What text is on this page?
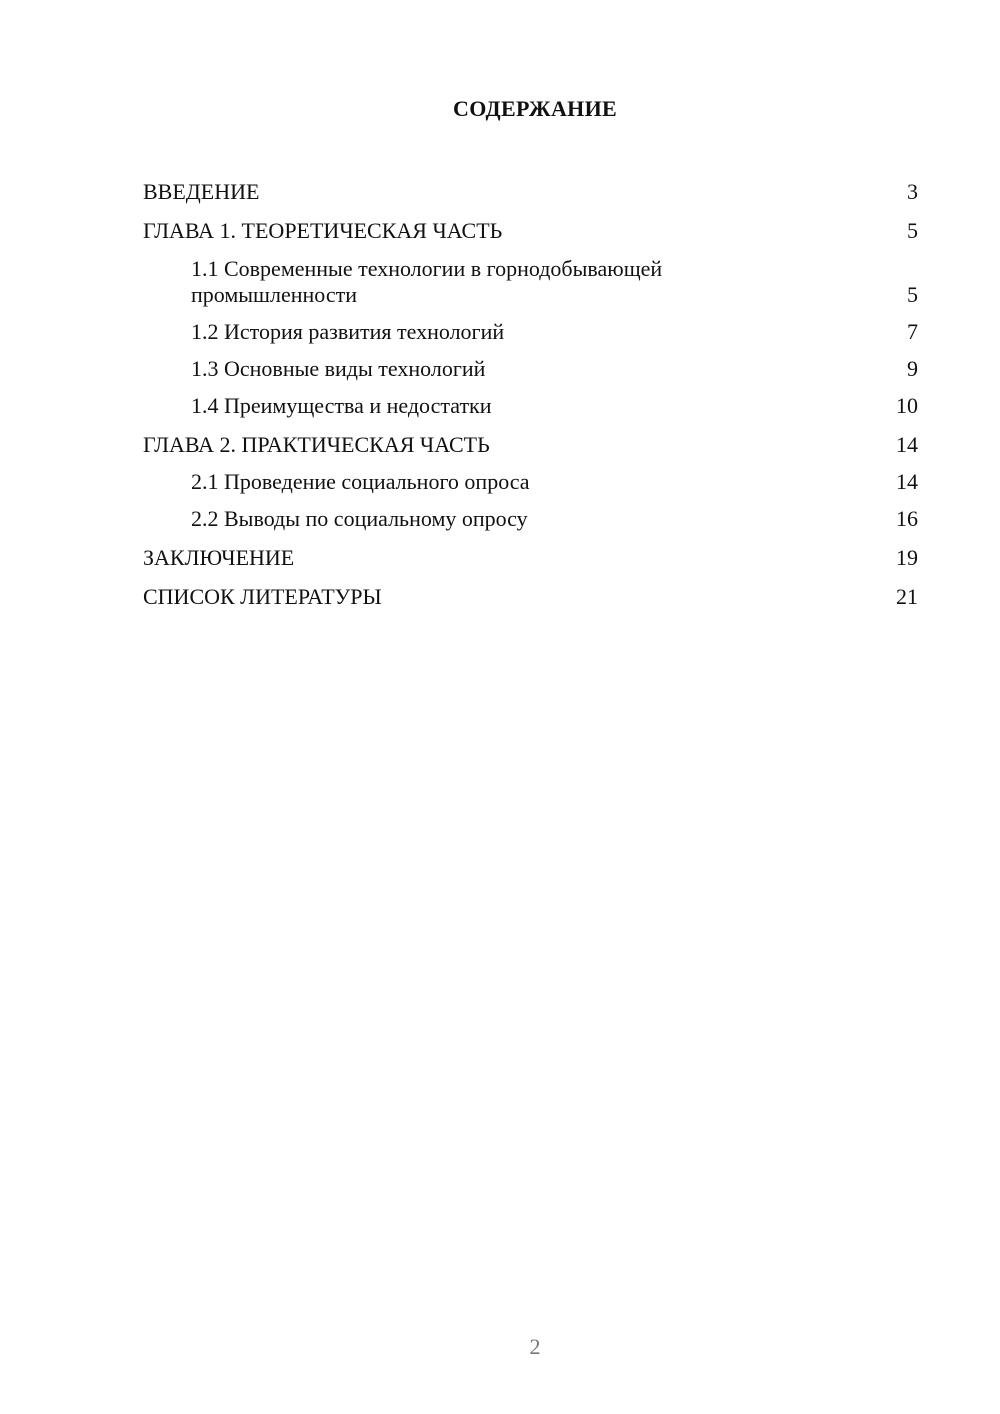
СОДЕРЖАНИЕ
ВВЕДЕНИЕ	3
ГЛАВА 1. ТЕОРЕТИЧЕСКАЯ ЧАСТЬ	5
1.1 Современные технологии в горнодобывающей промышленности	5
1.2 История развития технологий	7
1.3 Основные виды технологий	9
1.4 Преимущества и недостатки	10
ГЛАВА 2. ПРАКТИЧЕСКАЯ ЧАСТЬ	14
2.1 Проведение социального опроса	14
2.2 Выводы по социальному опросу	16
ЗАКЛЮЧЕНИЕ	19
СПИСОК ЛИТЕРАТУРЫ	21
2
